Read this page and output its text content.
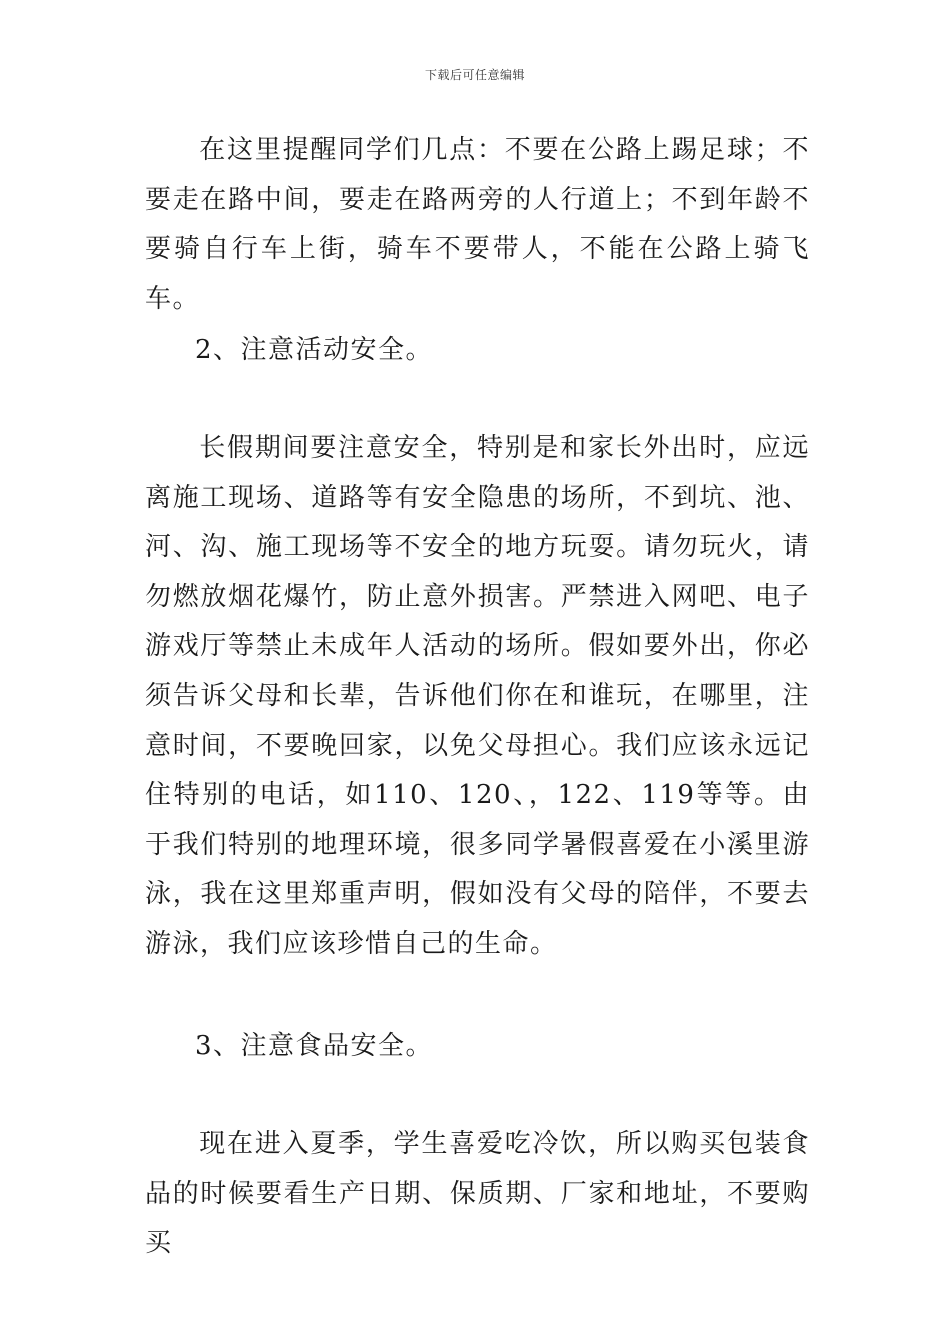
下载后可任意编辑

在这里提醒同学们几点：不要在公路上踢足球；不要走在路中间，要走在路两旁的人行道上；不到年龄不要骑自行车上街，骑车不要带人，不能在公路上骑飞车。

2、注意活动安全。

长假期间要注意安全，特别是和家长外出时，应远离施工现场、道路等有安全隐患的场所，不到坑、池、河、沟、施工现场等不安全的地方玩耍。请勿玩火，请勿燃放烟花爆竹，防止意外损害。严禁进入网吧、电子游戏厅等禁止未成年人活动的场所。假如要外出，你必须告诉父母和长辈，告诉他们你在和谁玩，在哪里，注意时间，不要晚回家，以免父母担心。我们应该永远记住特别的电话，如110、120、，122、119等等。由于我们特别的地理环境，很多同学暑假喜爱在小溪里游泳，我在这里郑重声明，假如没有父母的陪伴，不要去游泳，我们应该珍惜自己的生命。

3、注意食品安全。

现在进入夏季，学生喜爱吃冷饮，所以购买包装食品的时候要看生产日期、保质期、厂家和地址，不要购买
